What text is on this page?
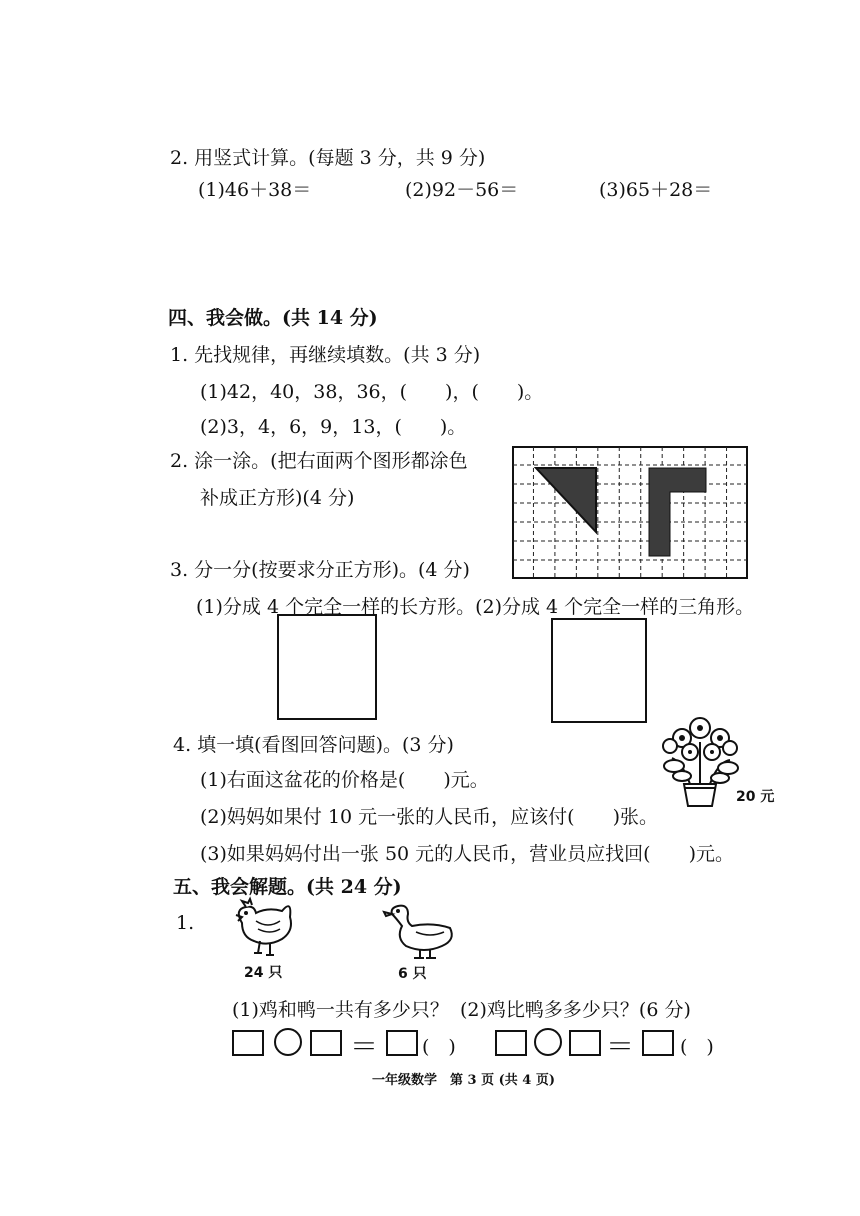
2. 用竖式计算。(每题 3 分，共 9 分)
(1)46＋38＝	(2)92－56＝	(3)65＋28＝
四、我会做。(共 14 分)
1. 先找规律，再继续填数。(共 3 分)
(1)42，40，38，36，(　　)，(　　)。
(2)3，4，6，9，13，(　　)。
2. 涂一涂。(把右面两个图形都涂色
补成正方形)(4 分)
3. 分一分(按要求分正方形)。(4 分)
(1)分成 4 个完全一样的长方形。(2)分成 4 个完全一样的三角形。
4. 填一填(看图回答问题)。(3 分)
(1)右面这盆花的价格是(　　)元。
(2)妈妈如果付 10 元一张的人民币，应该付(　　)张。
(3)如果妈妈付出一张 50 元的人民币，营业员应找回(　　)元。
20 元
五、我会解题。(共 24 分)
1.
24 只	6 只
(1)鸡和鸭一共有多少只？ (2)鸡比鸭多多少只？(6 分)
＝ (　)	＝ (　)
一年级数学　第 3 页 (共 4 页)
